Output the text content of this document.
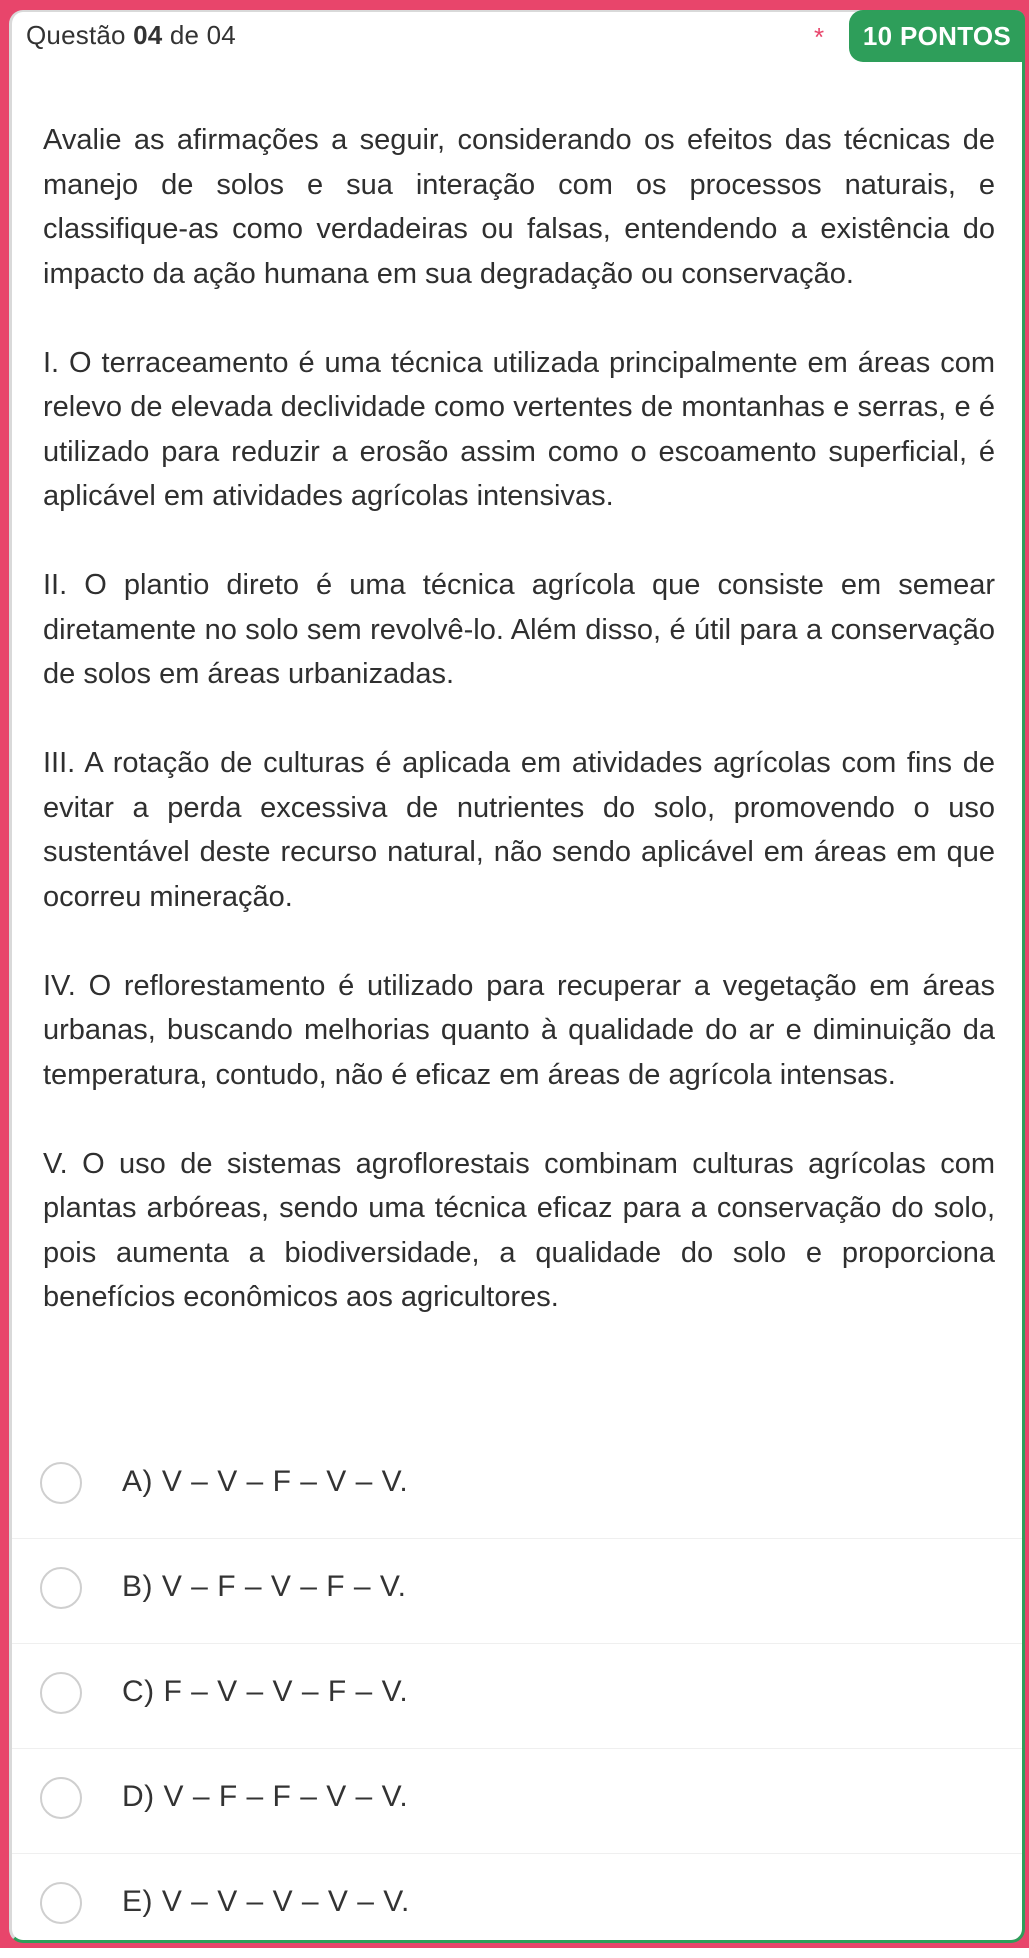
Questão 04 de 04	*	10 PONTOS

Avalie as afirmações a seguir, considerando os efeitos das técnicas de manejo de solos e sua interação com os processos naturais, e classifique-as como verdadeiras ou falsas, entendendo a existência do impacto da ação humana em sua degradação ou conservação.

I. O terraceamento é uma técnica utilizada principalmente em áreas com relevo de elevada declividade como vertentes de montanhas e serras, e é utilizado para reduzir a erosão assim como o escoamento superficial, é aplicável em atividades agrícolas intensivas.

II. O plantio direto é uma técnica agrícola que consiste em semear diretamente no solo sem revolvê-lo. Além disso, é útil para a conservação de solos em áreas urbanizadas.

III. A rotação de culturas é aplicada em atividades agrícolas com fins de evitar a perda excessiva de nutrientes do solo, promovendo o uso sustentável deste recurso natural, não sendo aplicável em áreas em que ocorreu mineração.

IV. O reflorestamento é utilizado para recuperar a vegetação em áreas urbanas, buscando melhorias quanto à qualidade do ar e diminuição da temperatura, contudo, não é eficaz em áreas de agrícola intensas.

V. O uso de sistemas agroflorestais combinam culturas agrícolas com plantas arbóreas, sendo uma técnica eficaz para a conservação do solo, pois aumenta a biodiversidade, a qualidade do solo e proporciona benefícios econômicos aos agricultores.

A) V – V – F – V – V.
B) V – F – V – F – V.
C) F – V – V – F – V.
D) V – F – F – V – V.
E) V – V – V – V – V.
